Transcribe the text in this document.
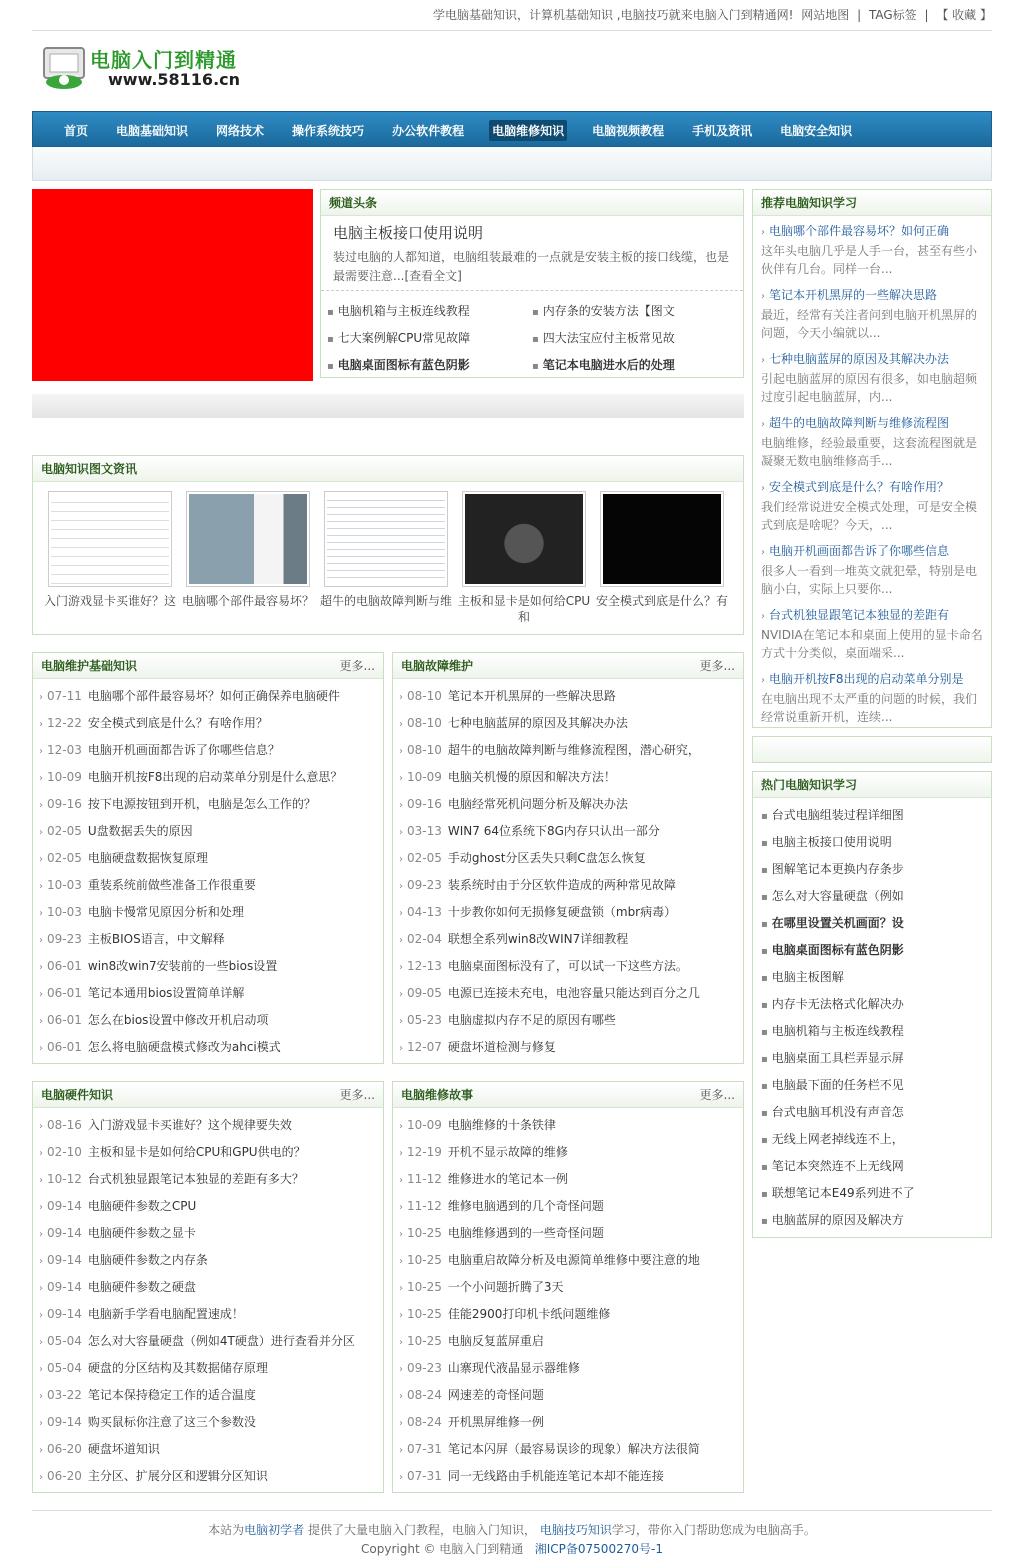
学电脑基础知识，计算机基础知识 ,电脑技巧就来电脑入门到精通网! 网站地图 | TAG标签 | 【 收藏 】
电脑入门到精通
www.58116.cn
首页 电脑基础知识 网络技术 操作系统技巧 办公软件教程 电脑维修知识 电脑视频教程 手机及资讯 电脑安全知识
频道头条
电脑主板接口使用说明
装过电脑的人都知道，电脑组装最难的一点就是安装主板的接口线缆，也是最需要注意...[查看全文]
▪ 电脑机箱与主板连线教程	▪ 内存条的安装方法【图文
▪ 七大案例解CPU常见故障	▪ 四大法宝应付主板常见故
▪ 电脑桌面图标有蓝色阴影	▪ 笔记本电脑进水后的处理
电脑知识图文资讯
入门游戏显卡买谁好？这 电脑哪个部件最容易坏？ 超牛的电脑故障判断与维 主板和显卡是如何给CPU和
安全模式到底是什么？有
电脑维护基础知识	更多...
› 07-11 电脑哪个部件最容易坏？如何正确保养电脑硬件
› 12-22 安全模式到底是什么？有啥作用？
› 12-03 电脑开机画面都告诉了你哪些信息？
› 10-09 电脑开机按F8出现的启动菜单分别是什么意思？
› 09-16 按下电源按钮到开机，电脑是怎么工作的？
› 02-05 U盘数据丢失的原因
› 02-05 电脑硬盘数据恢复原理
› 10-03 重装系统前做些准备工作很重要
› 10-03 电脑卡慢常见原因分析和处理
› 09-23 主板BIOS语言，中文解释
› 06-01 win8改win7安装前的一些bios设置
› 06-01 笔记本通用bios设置简单详解
› 06-01 怎么在bios设置中修改开机启动项
› 06-01 怎么将电脑硬盘模式修改为ahci模式
电脑故障维护	更多...
› 08-10 笔记本开机黑屏的一些解决思路
› 08-10 七种电脑蓝屏的原因及其解决办法
› 08-10 超牛的电脑故障判断与维修流程图，潜心研究，
› 10-09 电脑关机慢的原因和解决方法！
› 09-16 电脑经常死机问题分析及解决办法
› 03-13 WIN7 64位系统下8G内存只认出一部分
› 02-05 手动ghost分区丢失只剩C盘怎么恢复
› 09-23 装系统时由于分区软件造成的两种常见故障
› 04-13 十步教你如何无损修复硬盘锁（mbr病毒）
› 02-04 联想全系列win8改WIN7详细教程
› 12-13 电脑桌面图标没有了，可以试一下这些方法。
› 09-05 电源已连接未充电，电池容量只能达到百分之几
› 05-23 电脑虚拟内存不足的原因有哪些
› 12-07 硬盘坏道检测与修复
电脑硬件知识	更多...
› 08-16 入门游戏显卡买谁好？这个规律要失效
› 02-10 主板和显卡是如何给CPU和GPU供电的？
› 10-12 台式机独显跟笔记本独显的差距有多大？
› 09-14 电脑硬件参数之CPU
› 09-14 电脑硬件参数之显卡
› 09-14 电脑硬件参数之内存条
› 09-14 电脑硬件参数之硬盘
› 09-14 电脑新手学看电脑配置速成！
› 05-04 怎么对大容量硬盘（例如4T硬盘）进行查看并分区
› 05-04 硬盘的分区结构及其数据储存原理
› 03-22 笔记本保持稳定工作的适合温度
› 09-14 购买鼠标你注意了这三个参数没
› 06-20 硬盘坏道知识
› 06-20 主分区、扩展分区和逻辑分区知识
电脑维修故事	更多...
› 10-09 电脑维修的十条铁律
› 12-19 开机不显示故障的维修
› 11-12 维修进水的笔记本一例
› 11-12 维修电脑遇到的几个奇怪问题
› 10-25 电脑维修遇到的一些奇怪问题
› 10-25 电脑重启故障分析及电源简单维修中要注意的地
› 10-25 一个小问题折腾了3天
› 10-25 佳能2900打印机卡纸问题维修
› 10-25 电脑反复蓝屏重启
› 09-23 山寨现代液晶显示器维修
› 08-24 网速差的奇怪问题
› 08-24 开机黑屏维修一例
› 07-31 笔记本闪屏（最容易误诊的现象）解决方法很简
› 07-31 同一无线路由手机能连笔记本却不能连接
推荐电脑知识学习
› 电脑哪个部件最容易坏？如何正确
这年头电脑几乎是人手一台，甚至有些小伙伴有几台。同样一台...
› 笔记本开机黑屏的一些解决思路
最近，经常有关注者问到电脑开机黑屏的问题，今天小编就以...
› 七种电脑蓝屏的原因及其解决办法
引起电脑蓝屏的原因有很多，如电脑超频过度引起电脑蓝屏，内...
› 超牛的电脑故障判断与维修流程图
电脑维修，经验最重要，这套流程图就是凝聚无数电脑维修高手...
› 安全模式到底是什么？有啥作用？
我们经常说进安全模式处理，可是安全模式到底是啥呢？今天，...
› 电脑开机画面都告诉了你哪些信息
很多人一看到一堆英文就犯晕，特别是电脑小白，实际上只要你...
› 台式机独显跟笔记本独显的差距有
NVIDIA在笔记本和桌面上使用的显卡命名方式十分类似，桌面端采...
› 电脑开机按F8出现的启动菜单分别是
在电脑出现不太严重的问题的时候，我们经常说重新开机，连续...
热门电脑知识学习
▪ 台式电脑组装过程详细图
▪ 电脑主板接口使用说明
▪ 图解笔记本更换内存条步
▪ 怎么对大容量硬盘（例如
▪ 在哪里设置关机画面？设
▪ 电脑桌面图标有蓝色阴影
▪ 电脑主板图解
▪ 内存卡无法格式化解决办
▪ 电脑机箱与主板连线教程
▪ 电脑桌面工具栏弄显示屏
▪ 电脑最下面的任务栏不见
▪ 台式电脑耳机没有声音怎
▪ 无线上网老掉线连不上，
▪ 笔记本突然连不上无线网
▪ 联想笔记本E49系列进不了
▪ 电脑蓝屏的原因及解决方
本站为电脑初学者 提供了大量电脑入门教程，电脑入门知识， 电脑技巧知识学习，带你入门帮助您成为电脑高手。
Copyright © 电脑入门到精通 湘ICP备07500270号-1
